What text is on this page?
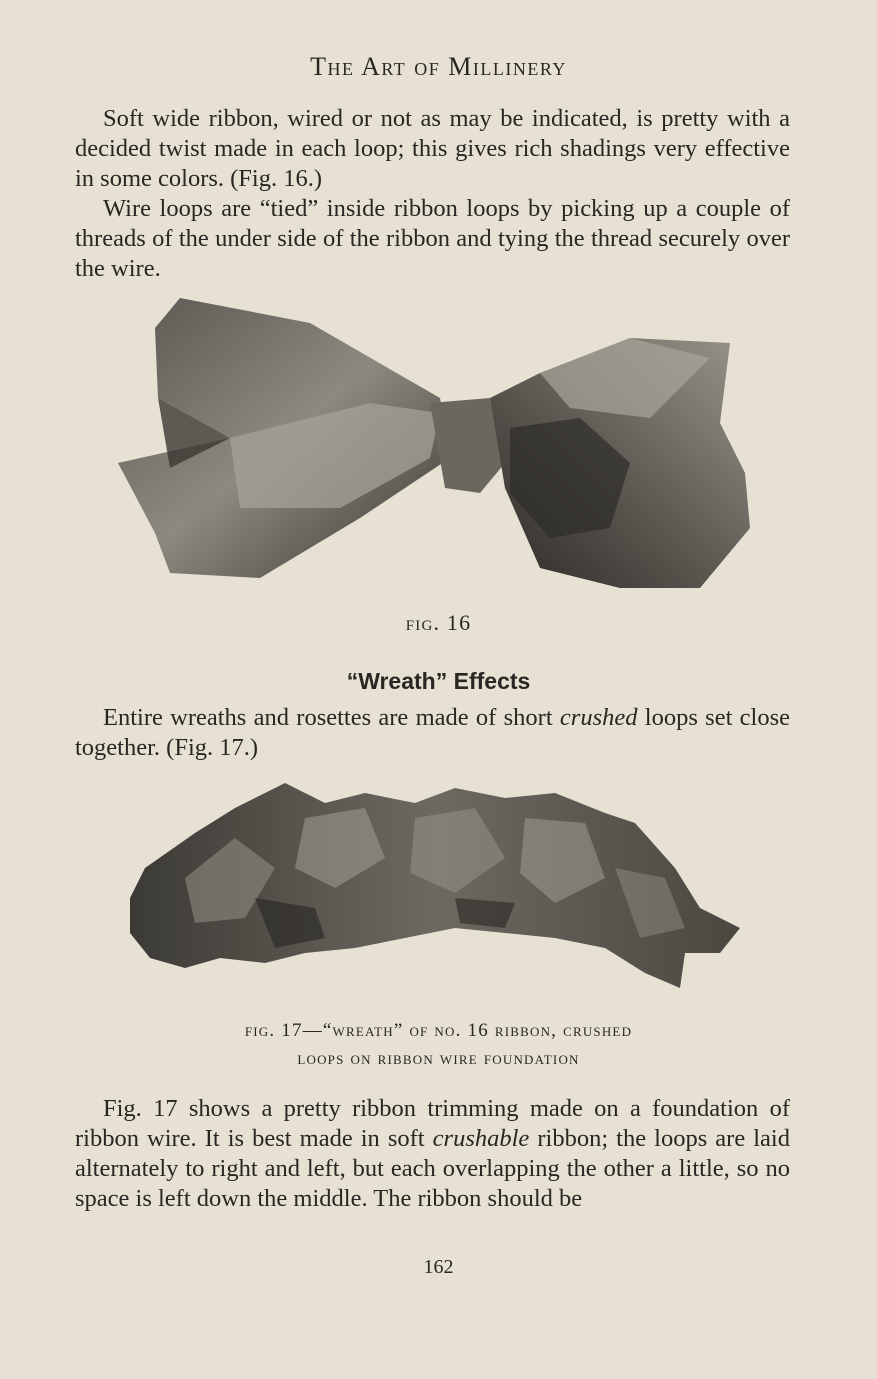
The Art of Millinery

Soft wide ribbon, wired or not as may be indicated, is pretty with a decided twist made in each loop; this gives rich shadings very effective in some colors. (Fig. 16.)

Wire loops are “tied” inside ribbon loops by picking up a couple of threads of the under side of the ribbon and tying the thread securely over the wire.

fig. 16
“Wreath” Effects

Entire wreaths and rosettes are made of short crushed loops set close together. (Fig. 17.)

fig. 17—“wreath” of no. 16 ribbon, crushed
loops on ribbon wire foundation

Fig. 17 shows a pretty ribbon trimming made on a foundation of ribbon wire. It is best made in soft crushable ribbon; the loops are laid alternately to right and left, but each overlapping the other a little, so no space is left down the middle. The ribbon should be

162
